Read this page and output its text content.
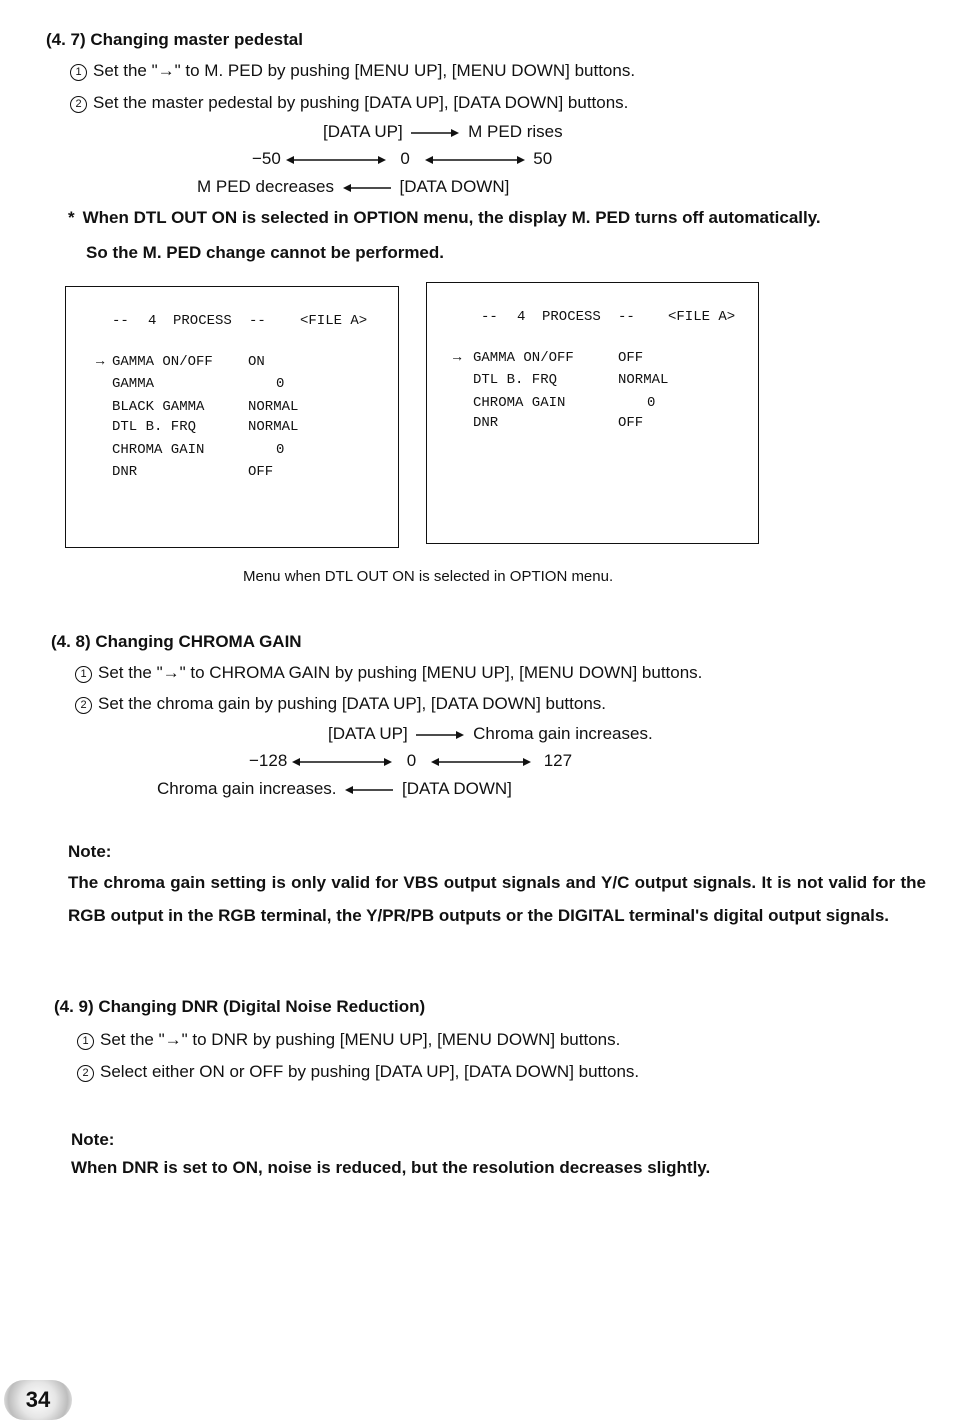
(4. 7) Changing master pedestal
1 Set the "→" to M. PED by pushing [MENU UP], [MENU DOWN] buttons.
2 Set the master pedestal by pushing [DATA UP], [DATA DOWN] buttons.
[DATA UP]	M PED rises
−50	0	50
M PED decreases	[DATA DOWN]
* When DTL OUT ON is selected in OPTION menu, the display M. PED turns off automatically.
So the M. PED change cannot be performed.
-- 4 PROCESS -- <FILE A>
→ GAMMA ON/OFF	ON
GAMMA	0
BLACK GAMMA	NORMAL
DTL B. FRQ	NORMAL
CHROMA GAIN	0
DNR	OFF
-- 4 PROCESS -- <FILE A>
→ GAMMA ON/OFF	OFF
DTL B. FRQ	NORMAL
CHROMA GAIN	0
DNR	OFF
Menu when DTL OUT ON is selected in OPTION menu.
(4. 8) Changing CHROMA GAIN
1 Set the "→" to CHROMA GAIN by pushing [MENU UP], [MENU DOWN] buttons.
2 Set the chroma gain by pushing [DATA UP], [DATA DOWN] buttons.
[DATA UP]	Chroma gain increases.
−128	0	127
Chroma gain increases.	[DATA DOWN]
Note:
The chroma gain setting is only valid for VBS output signals and Y/C output signals. It is not valid for the RGB output in the RGB terminal, the Y/PR/PB outputs or the DIGITAL terminal's digital output signals.
(4. 9) Changing DNR (Digital Noise Reduction)
1 Set the "→" to DNR by pushing [MENU UP], [MENU DOWN] buttons.
2 Select either ON or OFF by pushing [DATA UP], [DATA DOWN] buttons.
Note:
When DNR is set to ON, noise is reduced, but the resolution decreases slightly.
34
